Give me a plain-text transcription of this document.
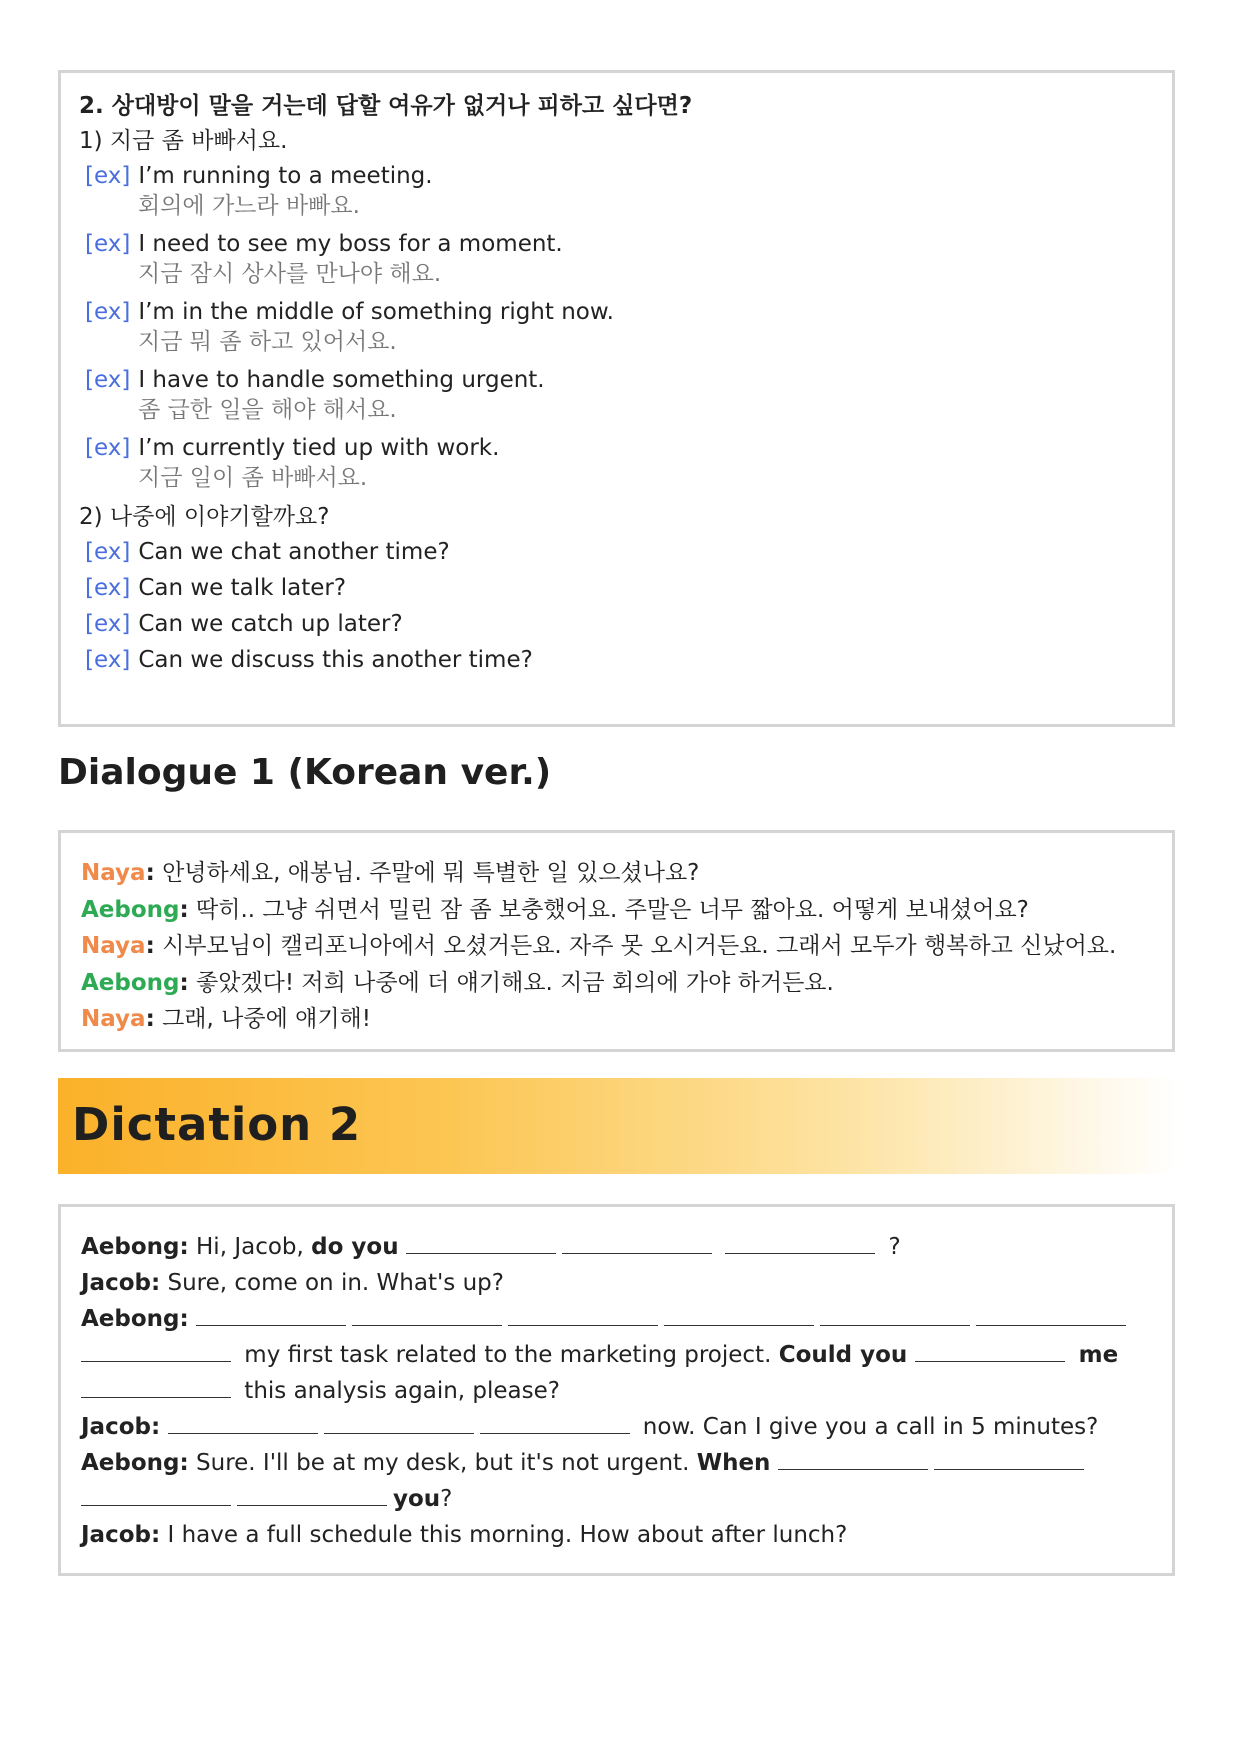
2. 상대방이 말을 거는데 답할 여유가 없거나 피하고 싶다면?
1) 지금 좀 바빠서요.
[ex] I’m running to a meeting.
회의에 가느라 바빠요.
[ex] I need to see my boss for a moment.
지금 잠시 상사를 만나야 해요.
[ex] I’m in the middle of something right now.
지금 뭐 좀 하고 있어서요.
[ex] I have to handle something urgent.
좀 급한 일을 해야 해서요.
[ex] I’m currently tied up with work.
지금 일이 좀 바빠서요.
2) 나중에 이야기할까요?
[ex] Can we chat another time?
[ex] Can we talk later?
[ex] Can we catch up later?
[ex] Can we discuss this another time?
Dialogue 1 (Korean ver.)
Naya: 안녕하세요, 애봉님. 주말에 뭐 특별한 일 있으셨나요?
Aebong: 딱히.. 그냥 쉬면서 밀린 잠 좀 보충했어요. 주말은 너무 짧아요. 어떻게 보내셨어요?
Naya: 시부모님이 캘리포니아에서 오셨거든요. 자주 못 오시거든요. 그래서 모두가 행복하고 신났어요.
Aebong: 좋았겠다! 저희 나중에 더 얘기해요. 지금 회의에 가야 하거든요.
Naya: 그래, 나중에 얘기해!
Dictation 2
Aebong: Hi, Jacob, do you	?
Jacob: Sure, come on in. What's up?
Aebong:
my first task related to the marketing project. Could you	me
this analysis again, please?
Jacob:	now. Can I give you a call in 5 minutes?
Aebong: Sure. I'll be at my desk, but it's not urgent. When
you?
Jacob: I have a full schedule this morning. How about after lunch?
